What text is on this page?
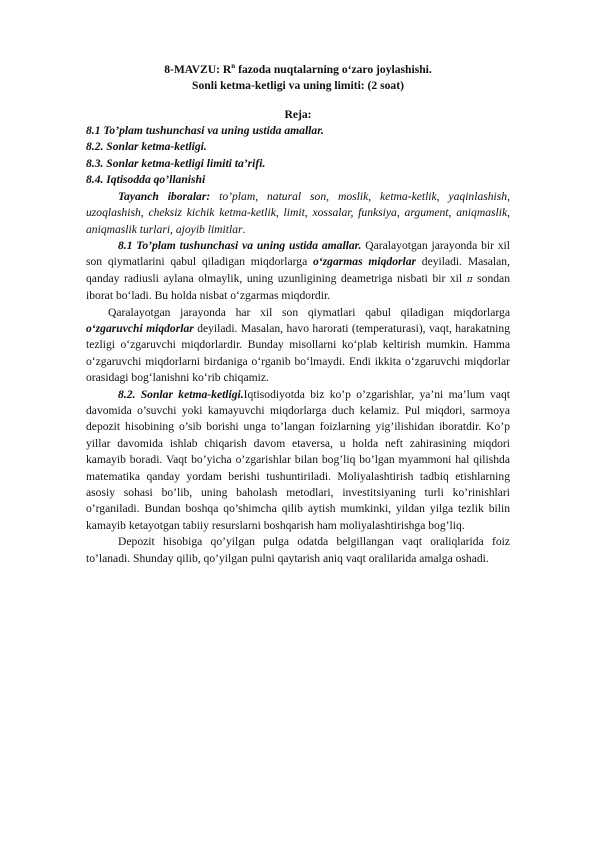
8-MAVZU: $R^n$ fazoda nuqtalarning o‘zaro joylashishi.
Sonli ketma-ketligi va uning limiti: (2 soat)
Reja:
8.1 To’plam tushunchasi va uning ustida amallar.
8.2. Sonlar ketma-ketligi.
8.3. Sonlar ketma-ketligi limiti ta’rifi.
8.4. Iqtisodda qo’llanishi

Tayanch iboralar: to’plam, natural son, moslik, ketma-ketlik, yaqinlashish, uzoqlashish, cheksiz kichik ketma-ketlik, limit, xossalar, funksiya, argument, aniqmaslik, aniqmaslik turlari, ajoyib limitlar.

8.1 To’plam tushunchasi va uning ustida amallar. Qaralayotgan jarayonda bir xil son qiymatlarini qabul qiladigan miqdorlarga o‘zgarmas miqdorlar deyiladi. Masalan, qanday radiusli aylana olmaylik, uning uzunligining deametriga nisbati bir xil π sondan iborat bo‘ladi. Bu holda nisbat o‘zgarmas miqdordir.

Qaralayotgan jarayonda har xil son qiymatlari qabul qiladigan miqdorlarga o‘zgaruvchi miqdorlar deyiladi. Masalan, havo harorati (temperaturasi), vaqt, harakatning tezligi o‘zgaruvchi miqdorlardir. Bunday misollarni ko‘plab keltirish mumkin. Hamma o‘zgaruvchi miqdorlarni birdaniga o‘rganib bo‘lmaydi. Endi ikkita o‘zgaruvchi miqdorlar orasidagi bog‘lanishni ko‘rib chiqamiz.

8.2. Sonlar ketma-ketligi.Iqtisodiyotda biz ko’p o’zgarishlar, ya’ni ma’lum vaqt davomida o’suvchi yoki kamayuvchi miqdorlarga duch kelamiz. Pul miqdori, sarmoya depozit hisobining o’sib borishi unga to’langan foizlarning yig’ilishidan iboratdir. Ko’p yillar davomida ishlab chiqarish davom etaversa, u holda neft zahirasining miqdori kamayib boradi. Vaqt bo’yicha o’zgarishlar bilan bog’liq bo’lgan myammoni hal qilishda matematika qanday yordam berishi tushuntiriladi. Moliyalashtirish tadbiq etishlarning asosiy sohasi bo’lib, uning baholash metodlari, investitsiyaning turli ko’rinishlari o’rganiladi. Bundan boshqa qo’shimcha qilib aytish mumkinki, yildan yilga tezlik bilin kamayib ketayotgan tabiiy resurslarni boshqarish ham moliyalashtirishga bog’liq.

Depozit hisobiga qo’yilgan pulga odatda belgillangan vaqt oraliqlarida foiz to’lanadi. Shunday qilib, qo’yilgan pulni qaytarish aniq vaqt oralilarida amalga oshadi.
